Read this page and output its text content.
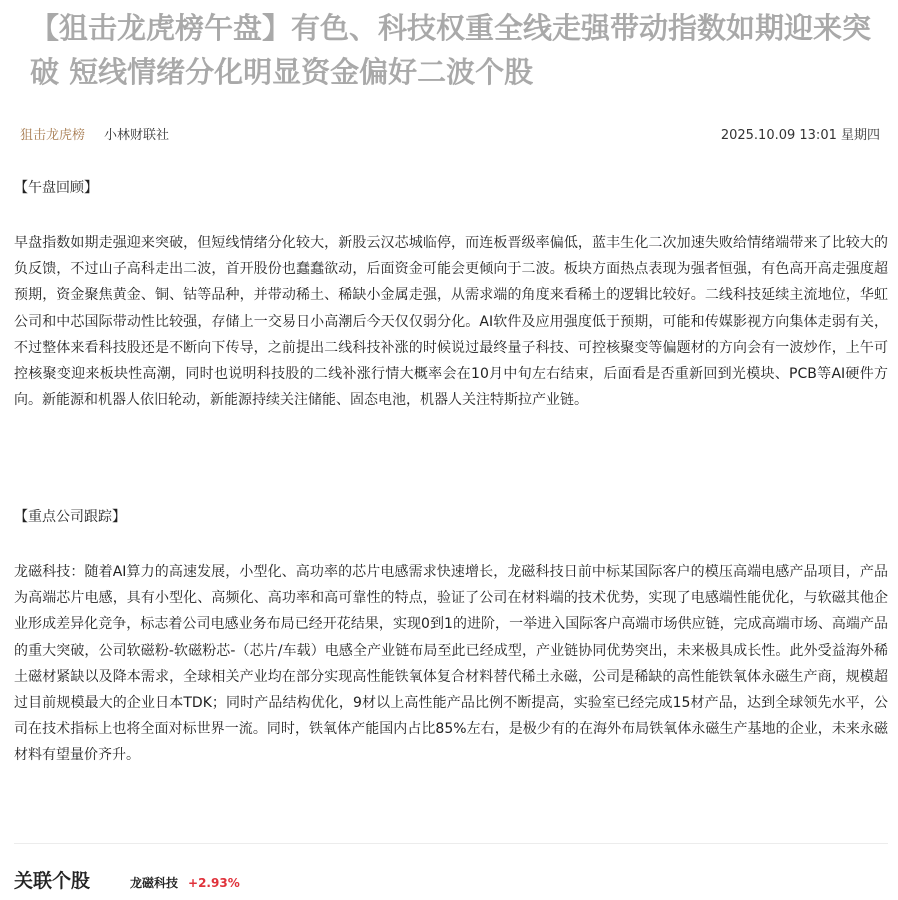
【狙击龙虎榜午盘】有色、科技权重全线走强带动指数如期迎来突破 短线情绪分化明显资金偏好二波个股
狙击龙虎榜 小林财联社	2025.10.09 13:01 星期四
【午盘回顾】

早盘指数如期走强迎来突破，但短线情绪分化较大，新股云汉芯城临停，而连板晋级率偏低，蓝丰生化二次加速失败给情绪端带来了比较大的负反馈，不过山子高科走出二波，首开股份也蠢蠢欲动，后面资金可能会更倾向于二波。板块方面热点表现为强者恒强，有色高开高走强度超预期，资金聚焦黄金、铜、钴等品种，并带动稀土、稀缺小金属走强，从需求端的角度来看稀土的逻辑比较好。二线科技延续主流地位，华虹公司和中芯国际带动性比较强，存储上一交易日小高潮后今天仅仅弱分化。AI软件及应用强度低于预期，可能和传媒影视方向集体走弱有关，不过整体来看科技股还是不断向下传导，之前提出二线科技补涨的时候说过最终量子科技、可控核聚变等偏题材的方向会有一波炒作，上午可控核聚变迎来板块性高潮，同时也说明科技股的二线补涨行情大概率会在10月中旬左右结束，后面看是否重新回到光模块、PCB等AI硬件方向。新能源和机器人依旧轮动，新能源持续关注储能、固态电池，机器人关注特斯拉产业链。

【重点公司跟踪】

龙磁科技：随着AI算力的高速发展，小型化、高功率的芯片电感需求快速增长，龙磁科技日前中标某国际客户的模压高端电感产品项目，产品为高端芯片电感，具有小型化、高频化、高功率和高可靠性的特点，验证了公司在材料端的技术优势，实现了电感端性能优化，与软磁其他企业形成差异化竞争，标志着公司电感业务布局已经开花结果，实现0到1的进阶，一举进入国际客户高端市场供应链，完成高端市场、高端产品的重大突破，公司软磁粉-软磁粉芯-（芯片/车载）电感全产业链布局至此已经成型，产业链协同优势突出，未来极具成长性。此外受益海外稀土磁材紧缺以及降本需求，全球相关产业均在部分实现高性能铁氧体复合材料替代稀土永磁，公司是稀缺的高性能铁氧体永磁生产商，规模超过目前规模最大的企业日本TDK；同时产品结构优化，9材以上高性能产品比例不断提高，实验室已经完成15材产品，达到全球领先水平，公司在技术指标上也将全面对标世界一流。同时，铁氧体产能国内占比85%左右，是极少有的在海外布局铁氧体永磁生产基地的企业，未来永磁材料有望量价齐升。

关联个股	龙磁科技 +2.93%
